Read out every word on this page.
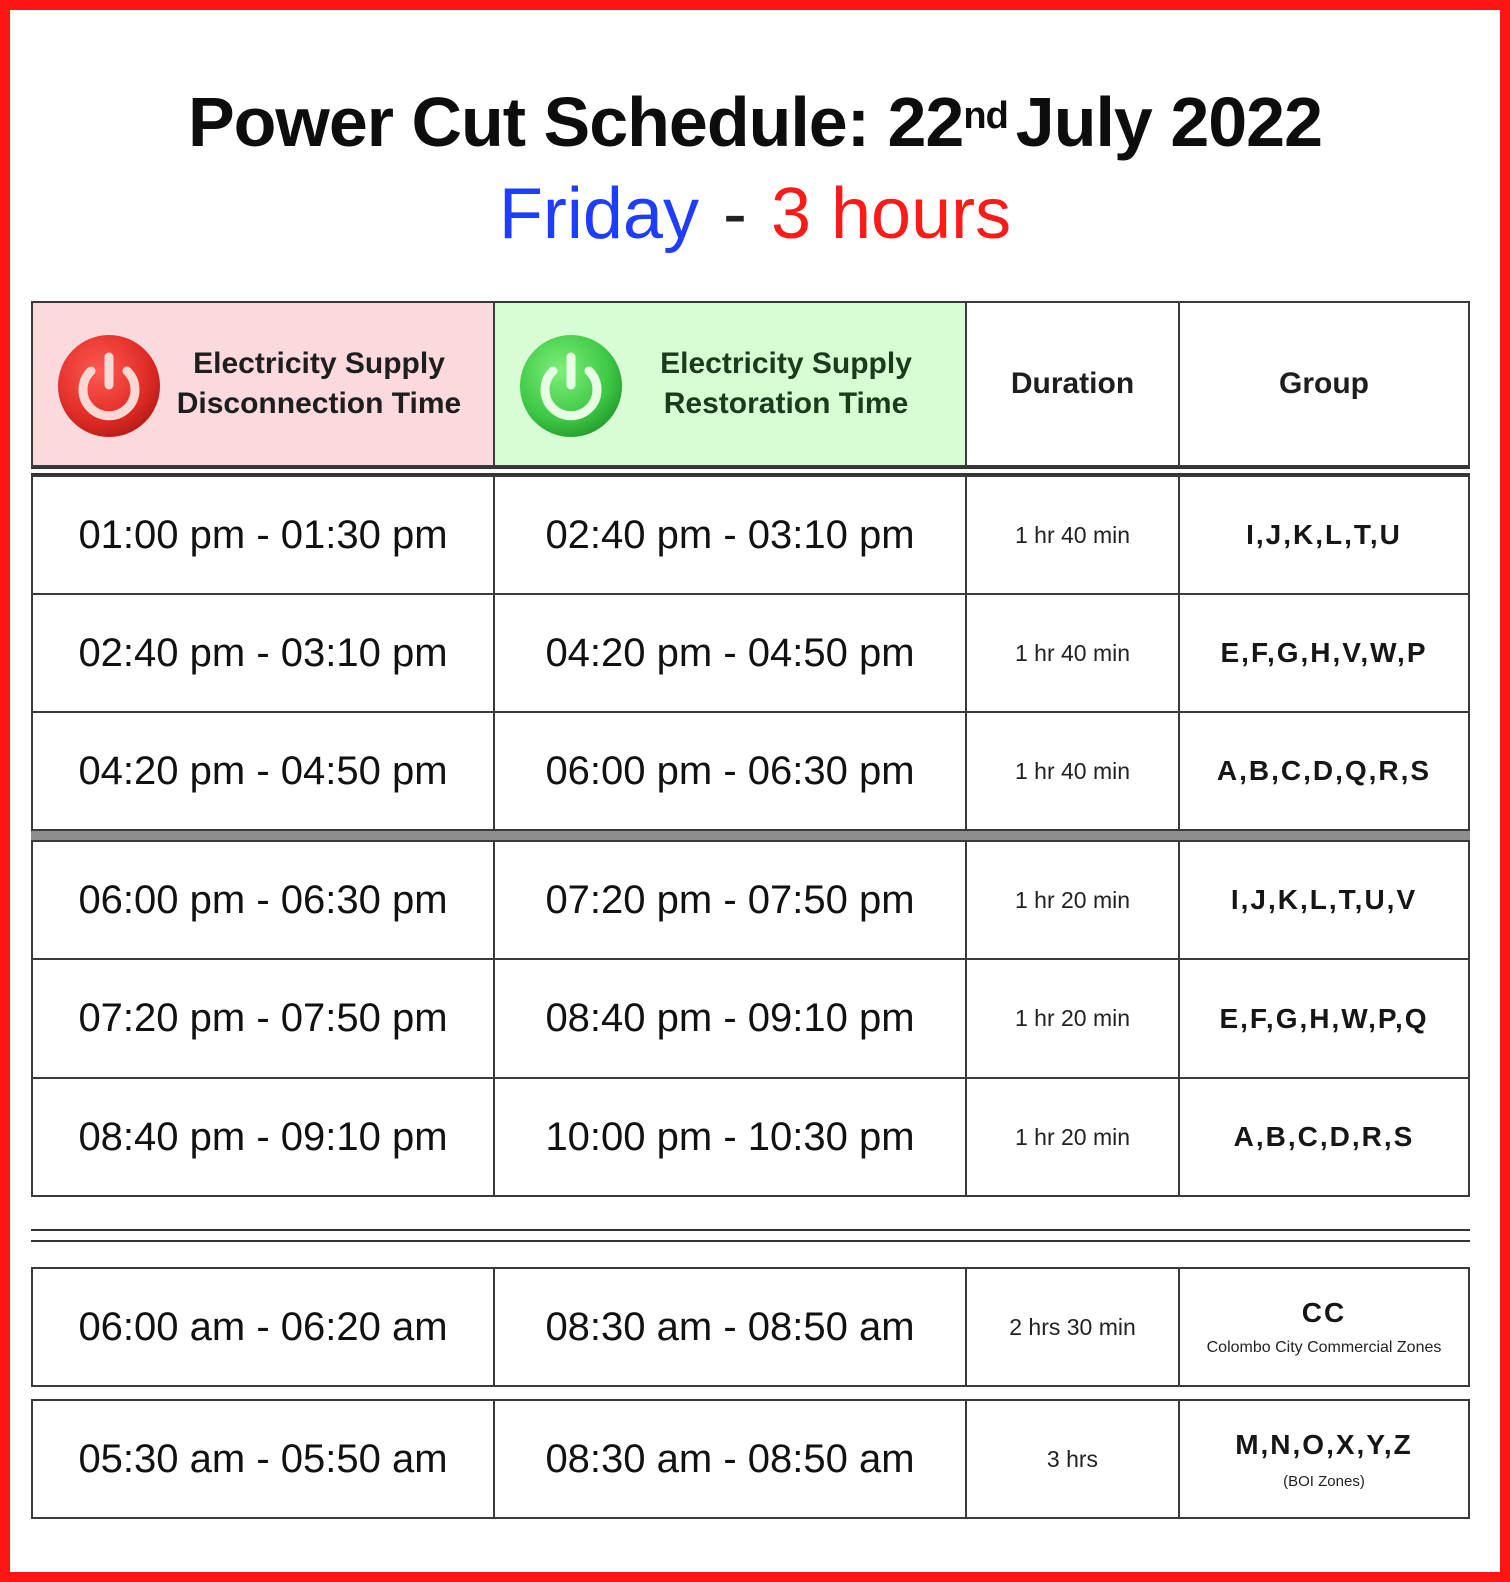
Power Cut Schedule: 22nd July 2022
Friday - 3 hours
Electricity Supply
Disconnection Time
Electricity Supply
Restoration Time
Duration	Group
01:00 pm - 01:30 pm 02:40 pm - 03:10 pm	1 hr 40 min	I,J,K,L,T,U
02:40 pm - 03:10 pm 04:20 pm - 04:50 pm	1 hr 40 min	E,F,G,H,V,W,P
04:20 pm - 04:50 pm 06:00 pm - 06:30 pm	1 hr 40 min	A,B,C,D,Q,R,S
06:00 pm - 06:30 pm 07:20 pm - 07:50 pm	1 hr 20 min	I,J,K,L,T,U,V
07:20 pm - 07:50 pm 08:40 pm - 09:10 pm	1 hr 20 min	E,F,G,H,W,P,Q
08:40 pm - 09:10 pm 10:00 pm - 10:30 pm	1 hr 20 min	A,B,C,D,R,S
06:00 am - 06:20 am 08:30 am - 08:50 am	2 hrs 30 min	CC
Colombo City Commercial Zones
05:30 am - 05:50 am 08:30 am - 08:50 am	3 hrs	M,N,O,X,Y,Z
(BOI Zones)
